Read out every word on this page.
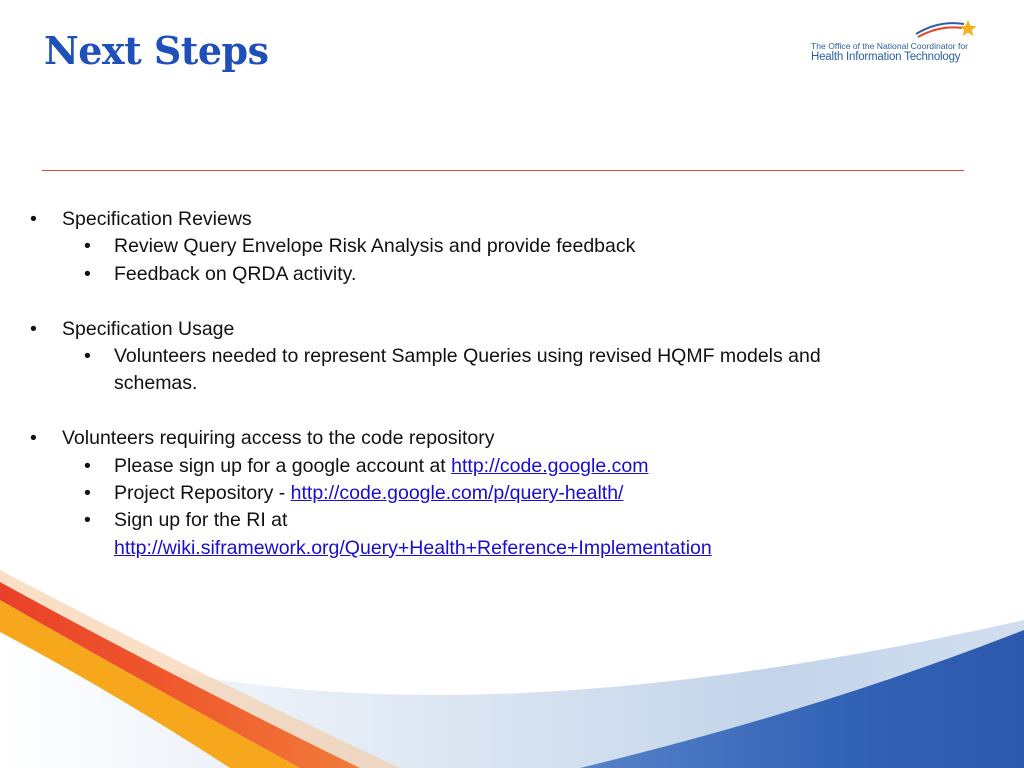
Next Steps	The Office of the National Coordinator for
Health Information Technology
• Specification Reviews
• Review Query Envelope Risk Analysis and provide feedback
• Feedback on QRDA activity.
• Specification Usage
• Volunteers needed to represent Sample Queries using revised HQMF models and
schemas.
• Volunteers requiring access to the code repository
• Please sign up for a google account at http://code.google.com
• Project Repository - http://code.google.com/p/query-health/
• Sign up for the RI at
http://wiki.siframework.org/Query+Health+Reference+Implementation
